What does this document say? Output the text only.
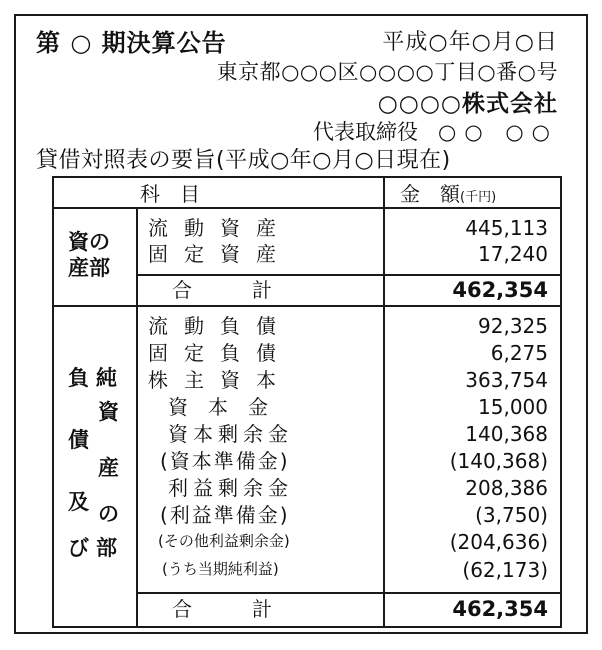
第 ○ 期決算公告	平成○年○月○日
東京都○○○区○○○○丁目○番○号
○○○○株式会社
代表取締役 ○○ ○○
貸借対照表の要旨(平成○年○月○日現在)
科　目	金　額(千円)
資の
産部
流動資産	445,113
固定資産	17,240
合　　　計	462,354
負 純
資
債
産
及 の
び 部
流動負債	92,325
固定負債	6,275
株主資本	363,754
資　本　金	15,000
資本剰余金	140,368
(資本準備金)	(140,368)
利益剰余金	208,386
(利益準備金)	(3,750)
(その他利益剰余金)	(204,636)
(うち当期純利益)	(62,173)
合　　　計	462,354
